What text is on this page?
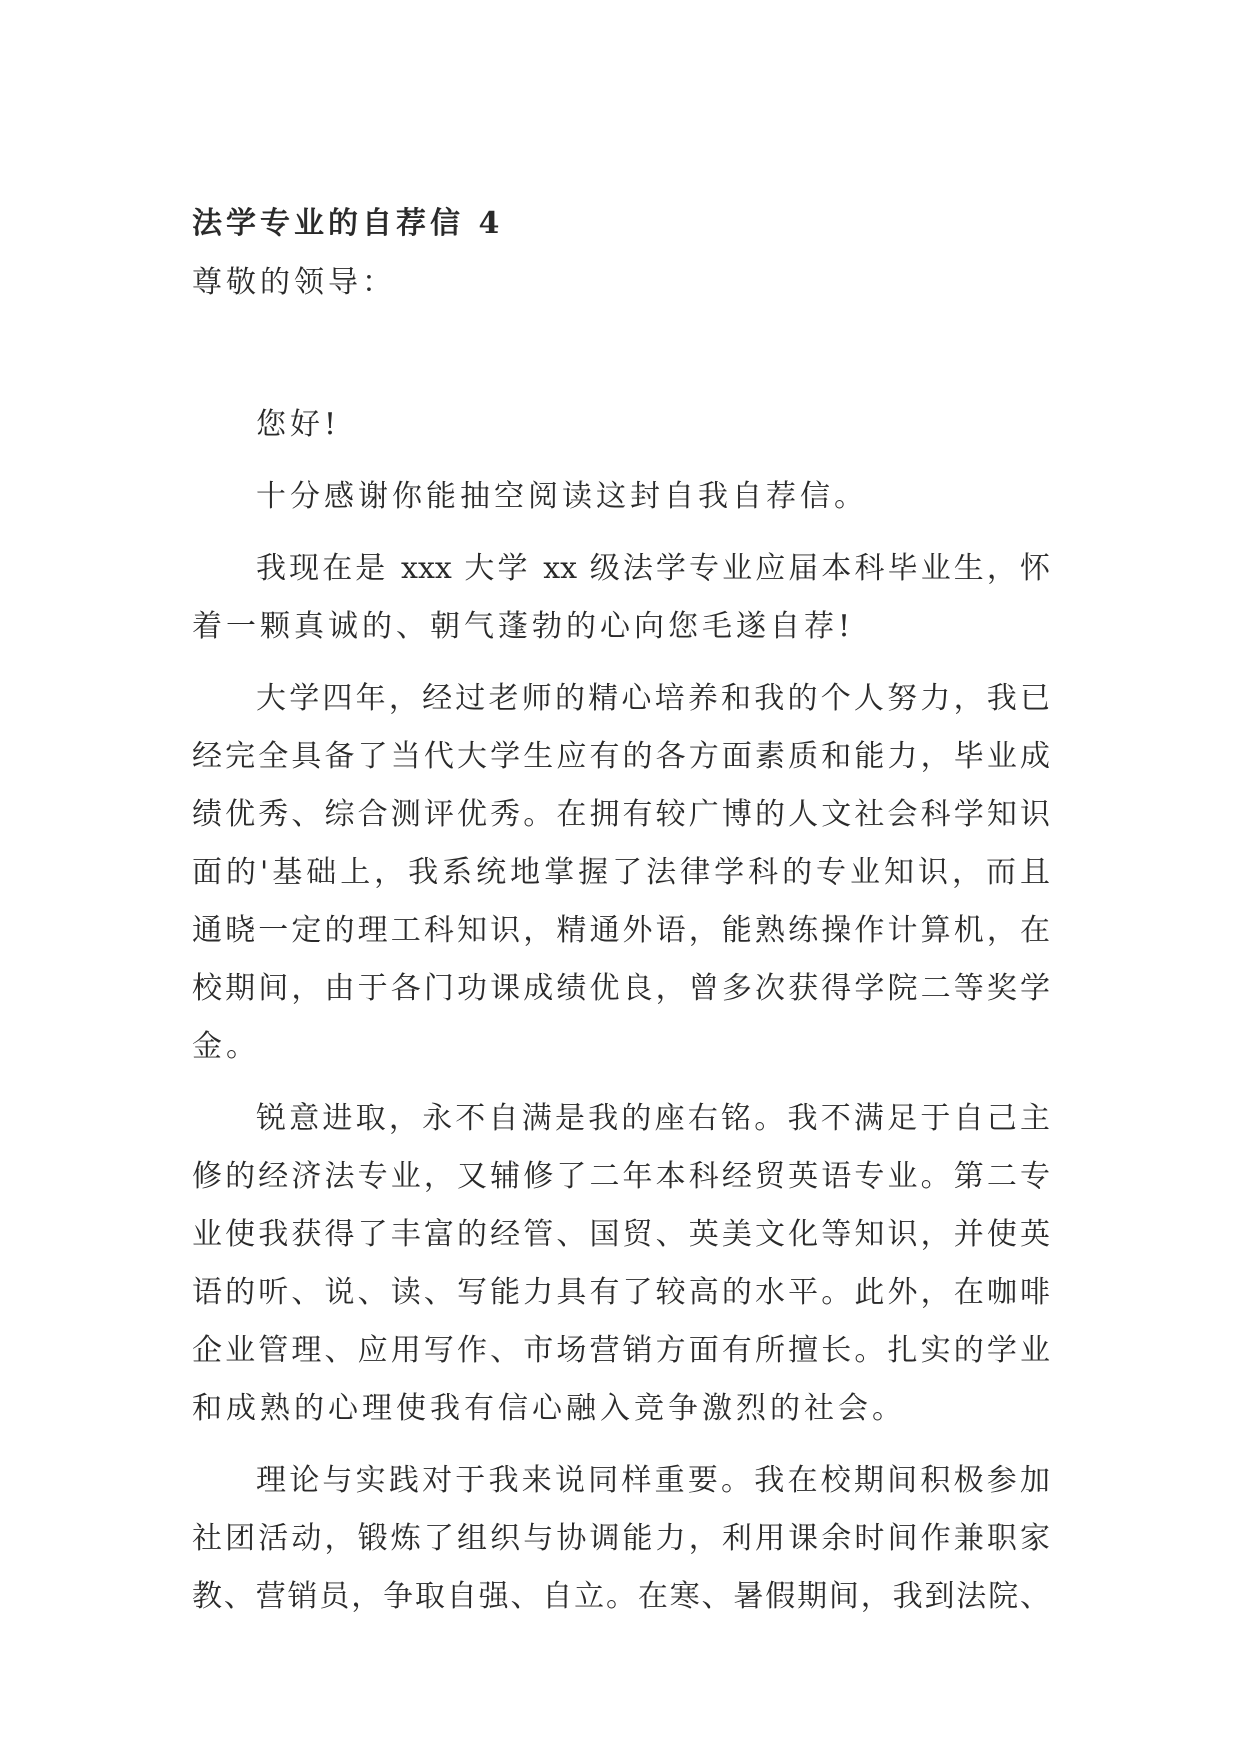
法学专业的自荐信 4
尊敬的领导：
您好!
十分感谢你能抽空阅读这封自我自荐信。
我现在是 xxx 大学 xx 级法学专业应届本科毕业生，怀
着一颗真诚的、朝气蓬勃的心向您毛遂自荐!
大学四年，经过老师的精心培养和我的个人努力，我已
经完全具备了当代大学生应有的各方面素质和能力，毕业成
绩优秀、综合测评优秀。在拥有较广博的人文社会科学知识
面的'基础上，我系统地掌握了法律学科的专业知识，而且
通晓一定的理工科知识，精通外语，能熟练操作计算机，在
校期间，由于各门功课成绩优良，曾多次获得学院二等奖学
金。
锐意进取，永不自满是我的座右铭。我不满足于自己主
修的经济法专业，又辅修了二年本科经贸英语专业。第二专
业使我获得了丰富的经管、国贸、英美文化等知识，并使英
语的听、说、读、写能力具有了较高的水平。此外，在咖啡
企业管理、应用写作、市场营销方面有所擅长。扎实的学业
和成熟的心理使我有信心融入竞争激烈的社会。
理论与实践对于我来说同样重要。我在校期间积极参加
社团活动，锻炼了组织与协调能力，利用课余时间作兼职家
教、营销员，争取自强、自立。在寒、暑假期间，我到法院、
